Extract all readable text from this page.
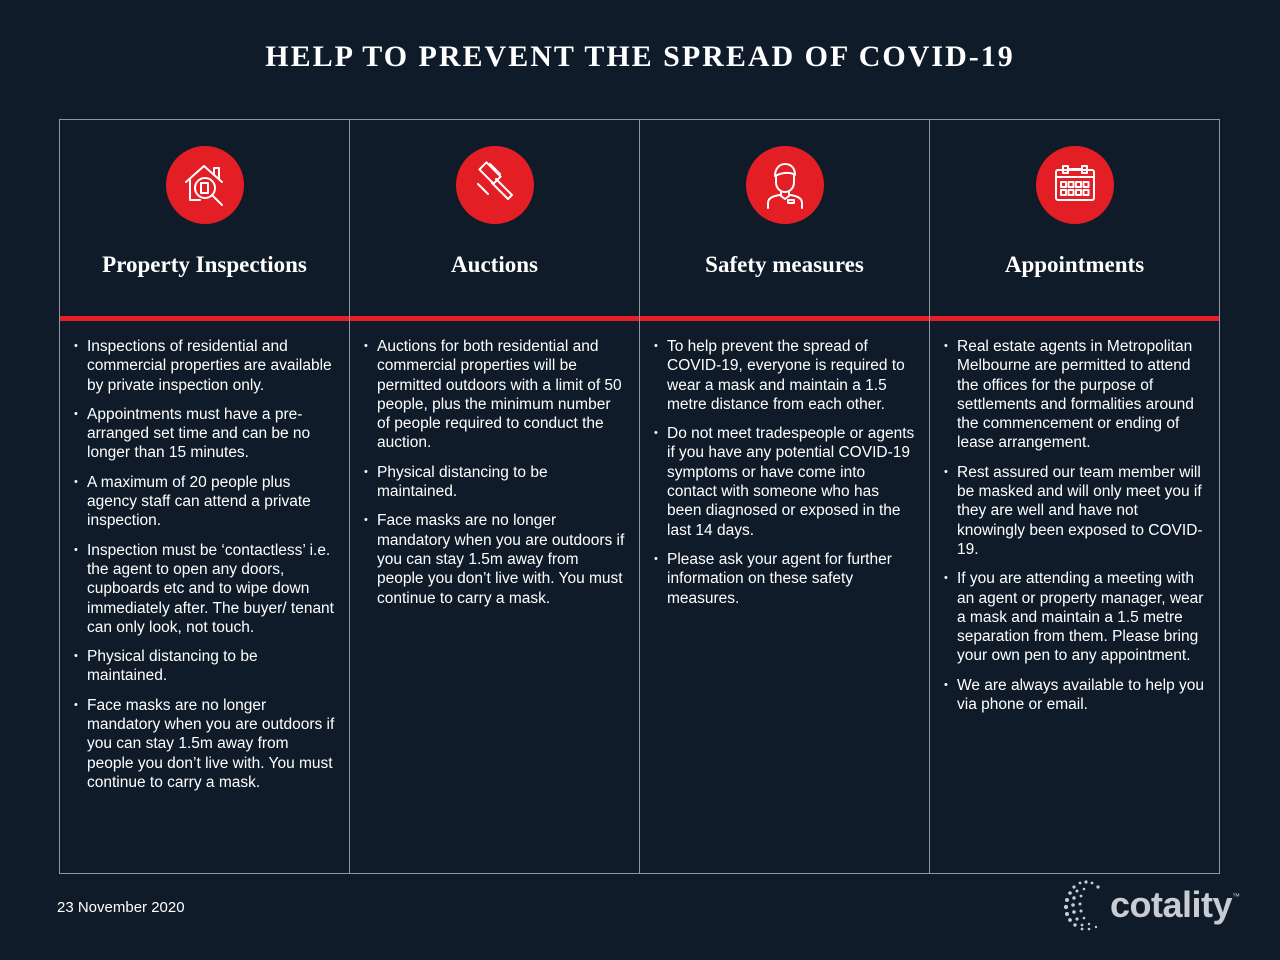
HELP TO PREVENT THE SPREAD OF COVID-19
Property Inspections
• Inspections of residential and commercial properties are available by private inspection only.
• Appointments must have a pre-arranged set time and can be no longer than 15 minutes.
• A maximum of 20 people plus agency staff can attend a private inspection.
• Inspection must be ‘contactless’ i.e. the agent to open any doors, cupboards etc and to wipe down immediately after. The buyer/ tenant can only look, not touch.
• Physical distancing to be maintained.
• Face masks are no longer mandatory when you are outdoors if you can stay 1.5m away from people you don’t live with. You must continue to carry a mask.
Auctions
• Auctions for both residential and commercial properties will be permitted outdoors with a limit of 50 people, plus the minimum number of people required to conduct the auction.
• Physical distancing to be maintained.
• Face masks are no longer mandatory when you are outdoors if you can stay 1.5m away from people you don’t live with. You must continue to carry a mask.
Safety measures
• To help prevent the spread of COVID-19, everyone is required to wear a mask and maintain a 1.5 metre distance from each other.
• Do not meet tradespeople or agents if you have any potential COVID-19 symptoms or have come into contact with someone who has been diagnosed or exposed in the last 14 days.
• Please ask your agent for further information on these safety measures.
Appointments
• Real estate agents in Metropolitan Melbourne are permitted to attend the offices for the purpose of settlements and formalities around the commencement or ending of lease arrangement.
• Rest assured our team member will be masked and will only meet you if they are well and have not knowingly been exposed to COVID-19.
• If you are attending a meeting with an agent or property manager, wear a mask and maintain a 1.5 metre separation from them. Please bring your own pen to any appointment.
• We are always available to help you via phone or email.
23 November 2020	cotality ™
